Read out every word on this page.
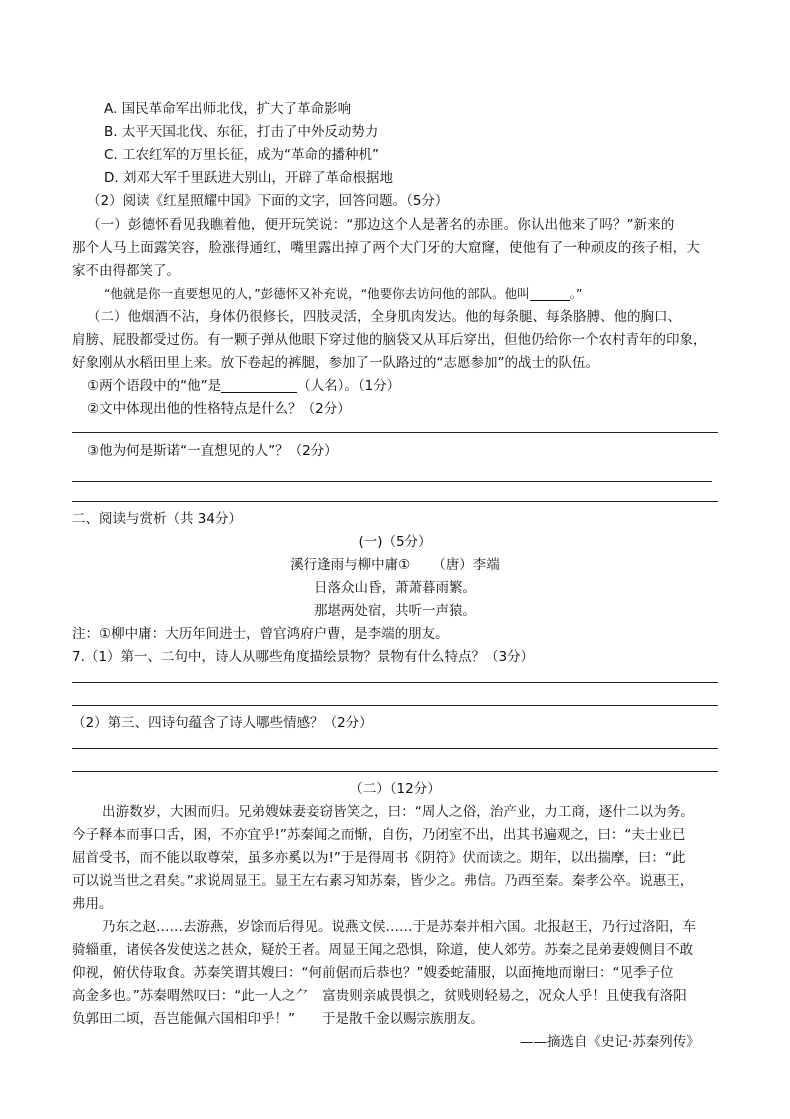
A. 国民革命军出师北伐，扩大了革命影响
B. 太平天国北伐、东征，打击了中外反动势力
C. 工农红军的万里长征，成为“革命的播种机”
D. 刘邓大军千里跃进大别山，开辟了革命根据地
（2）阅读《红星照耀中国》下面的文字，回答问题。（5分）
（一）彭德怀看见我瞧着他，便开玩笑说：“那边这个人是著名的赤匪。你认出他来了吗？”新来的
那个人马上面露笑容，脸涨得通红，嘴里露出掉了两个大门牙的大窟窿，使他有了一种顽皮的孩子相，大
家不由得都笑了。
“他就是你一直要想见的人，”彭德怀又补充说，“他要你去访问他的部队。他叫	。”
（二）他烟酒不沾，身体仍很修长，四肢灵活，全身肌肉发达。他的每条腿、每条胳膊、他的胸口、
肩膀、屁股都受过伤。有一颗子弹从他眼下穿过他的脑袋又从耳后穿出，但他仍给你一个农村青年的印象，
好象刚从水稻田里上来。放下卷起的裤腿，参加了一队路过的“志愿参加”的战士的队伍。
①两个语段中的“他”是	（人名）。（1分）
②文中体现出他的性格特点是什么？（2分）
③他为何是斯诺“一直想见的人”？（2分）
二、阅读与赏析（共 34分）
(一)（5分）
溪行逢雨与柳中庸① （唐）李端
日落众山昏，萧萧暮雨繁。
那堪两处宿，共听一声猿。
注：①柳中庸：大历年间进士，曾官鸿府户曹，是李端的朋友。
7.（1）第一、二句中，诗人从哪些角度描绘景物？景物有什么特点？（3分）
（2）第三、四诗句蕴含了诗人哪些情感？（2分）
（二）（12分）
出游数岁，大困而归。兄弟嫂妹妻妾窃皆笑之，曰：“周人之俗，治产业，力工商，逐什二以为务。
今子释本而事口舌，困，不亦宜乎!”苏秦闻之而惭，自伤，乃闭室不出，出其书遍观之，曰：“夫士业已
屈首受书，而不能以取尊荣，虽多亦奚以为!”于是得周书《阴符》伏而读之。期年，以出揣摩，曰：“此
可以说当世之君矣。”求说周显王。显王左右素习知苏秦，皆少之。弗信。乃西至秦。秦孝公卒。说惠王，
弗用。
乃东之赵……去游燕，岁馀而后得见。说燕文侯……于是苏秦并相六国。北报赵王，乃行过洛阳，车
骑辎重，诸侯各发使送之甚众，疑於王者。周显王闻之恐惧，除道，使人郊劳。苏秦之昆弟妻嫂侧目不敢
仰视，俯伏侍取食。苏秦笑谓其嫂曰：“何前倨而后恭也？”嫂委蛇蒲服，以面掩地而谢曰：“见季子位
高金多也。”苏秦喟然叹曰：“此一人之⺈　富贵则亲戚畏惧之，贫贱则轻易之，况众人乎！且使我有洛阳
负郭田二顷，吾岂能佩六国相印乎！”　　于是散千金以赐宗族朋友。
——摘选自《史记·苏秦列传》
